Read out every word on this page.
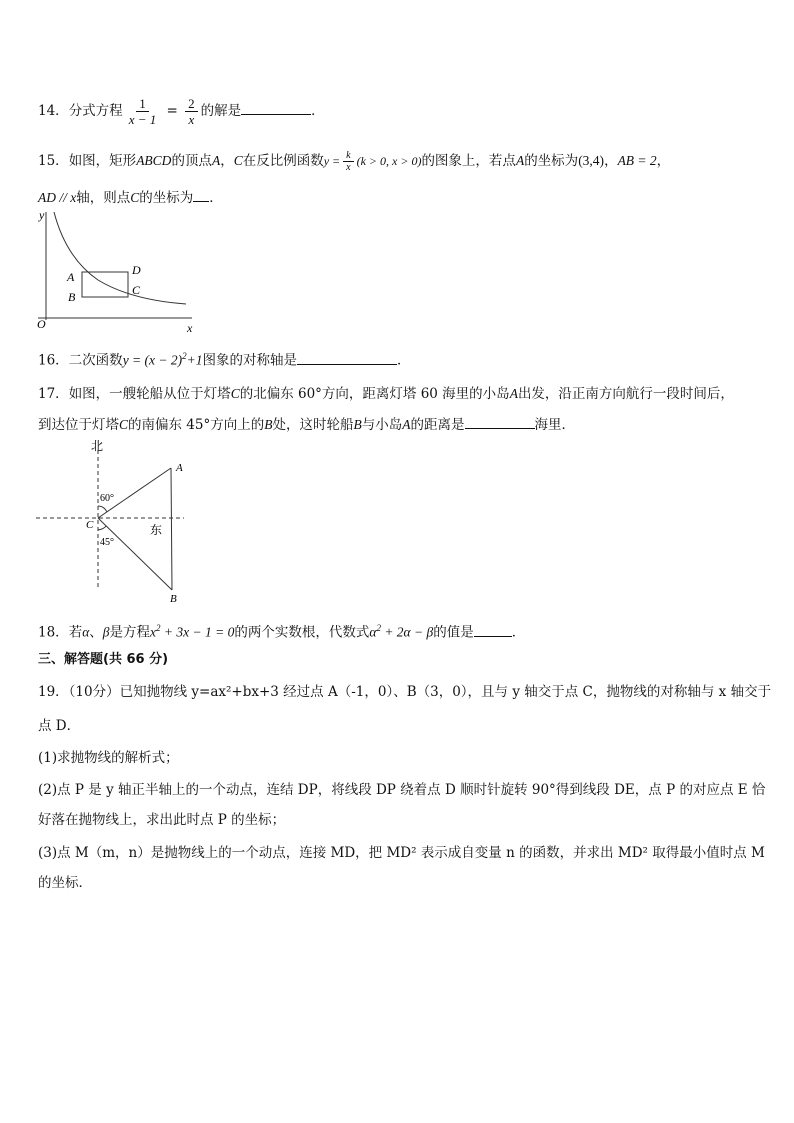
14．分式方程 $\frac{1}{x - 1} = \frac{2}{x}$ 的解是	．
15．如图，矩形ABCD的顶点A，C在反比例函数$y = \frac{k}{x} (k > 0$, x > 0)的图象上，若点A的坐标为(3,4)，AB = 2，
AD // x轴，则点C的坐标为 ．
y
x
O
A
B	C
D
16．二次函数$y = (x - 2)^2+1$图象的对称轴是	．
17．如图，一艘轮船从位于灯塔C的北偏东 60°方向，距离灯塔 60 海里的小岛A出发，沿正南方向航行一段时间后，
到达位于灯塔C的南偏东 45°方向上的B处，这时轮船B与小岛A的距离是	海里．
北
东
A
B
C
60°
45°
18．若α、β是方程$x^2 + 3x - 1 = 0$的两个实数根，代数式$\alpha^2 + 2\alpha - \beta$的值是	．
三、解答题(共 66 分)
19．（10分）已知抛物线 y=ax²+bx+3 经过点 A（-1，0）、B（3，0），且与 y 轴交于点 C，抛物线的对称轴与 x 轴交于
点 D．
(1)求抛物线的解析式；
(2)点 P 是 y 轴正半轴上的一个动点，连结 DP，将线段 DP 绕着点 D 顺时针旋转 90°得到线段 DE，点 P 的对应点 E 恰
好落在抛物线上，求出此时点 P 的坐标；
(3)点 M（m，n）是抛物线上的一个动点，连接 MD，把 MD² 表示成自变量 n 的函数，并求出 MD² 取得最小值时点 M
的坐标．
